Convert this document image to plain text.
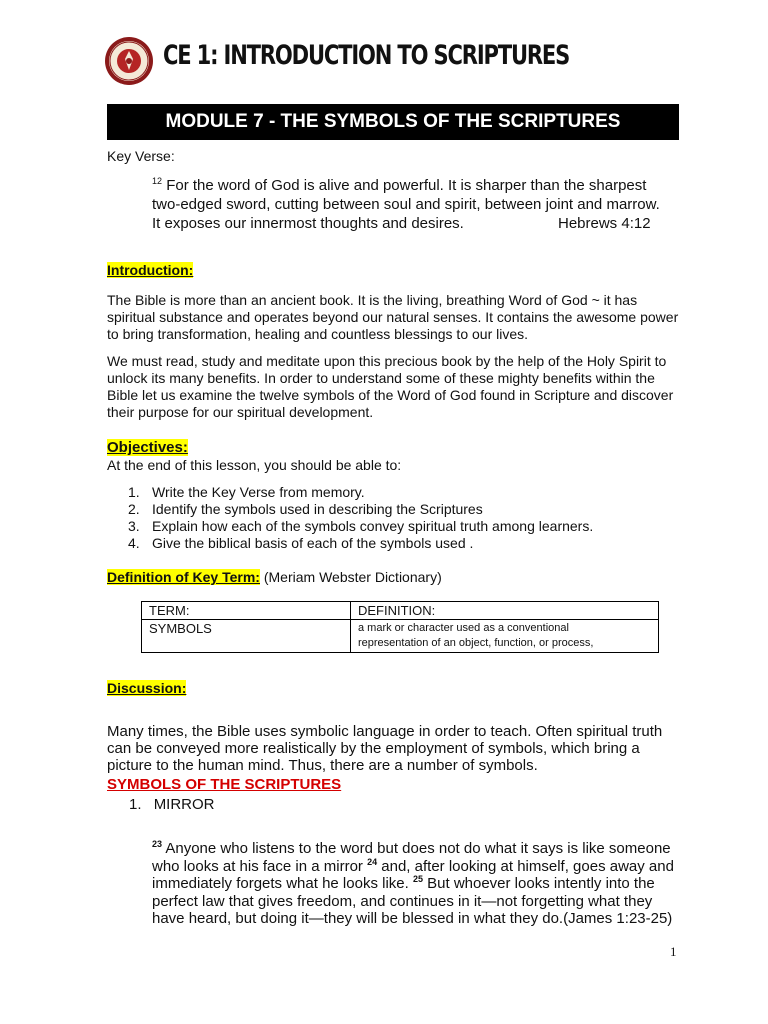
CE 1: INTRODUCTION TO SCRIPTURES
MODULE 7 - THE SYMBOLS OF THE SCRIPTURES
Key Verse:
$^{12}$ For the word of God is alive and powerful. It is sharper than the sharpest
two-edged sword, cutting between soul and spirit, between joint and marrow.
It exposes our innermost thoughts and desires.	Hebrews 4:12
Introduction:

The Bible is more than an ancient book. It is the living, breathing Word of God ~ it has spiritual substance and operates beyond our natural senses. It contains the awesome power to bring transformation, healing and countless blessings to our lives.

We must read, study and meditate upon this precious book by the help of the Holy Spirit to unlock its many benefits. In order to understand some of these mighty benefits within the Bible let us examine the twelve symbols of the Word of God found in Scripture and discover their purpose for our spiritual development.

Objectives:
At the end of this lesson, you should be able to:
1. Write the Key Verse from memory.
2. Identify the symbols used in describing the Scriptures
3. Explain how each of the symbols convey spiritual truth among learners.
4. Give the biblical basis of each of the symbols used .
Definition of Key Term: (Meriam Webster Dictionary)
TERM:	DEFINITION:
SYMBOLS	a mark or character used as a conventional
representation of an object, function, or process,
Discussion:

Many times, the Bible uses symbolic language in order to teach. Often spiritual truth can be conveyed more realistically by the employment of symbols, which bring a picture to the human mind. Thus, there are a number of symbols.

SYMBOLS OF THE SCRIPTURES
1. MIRROR

$^{23}$ Anyone who listens to the word but does not do what it says is like someone who looks at his face in a mirror $^{24}$ and, after looking at himself, goes away and immediately forgets what he looks like. $^{25}$ But whoever looks intently into the perfect law that gives freedom, and continues in it—not forgetting what they have heard, but doing it—they will be blessed in what they do.(James 1:23-25)

1
